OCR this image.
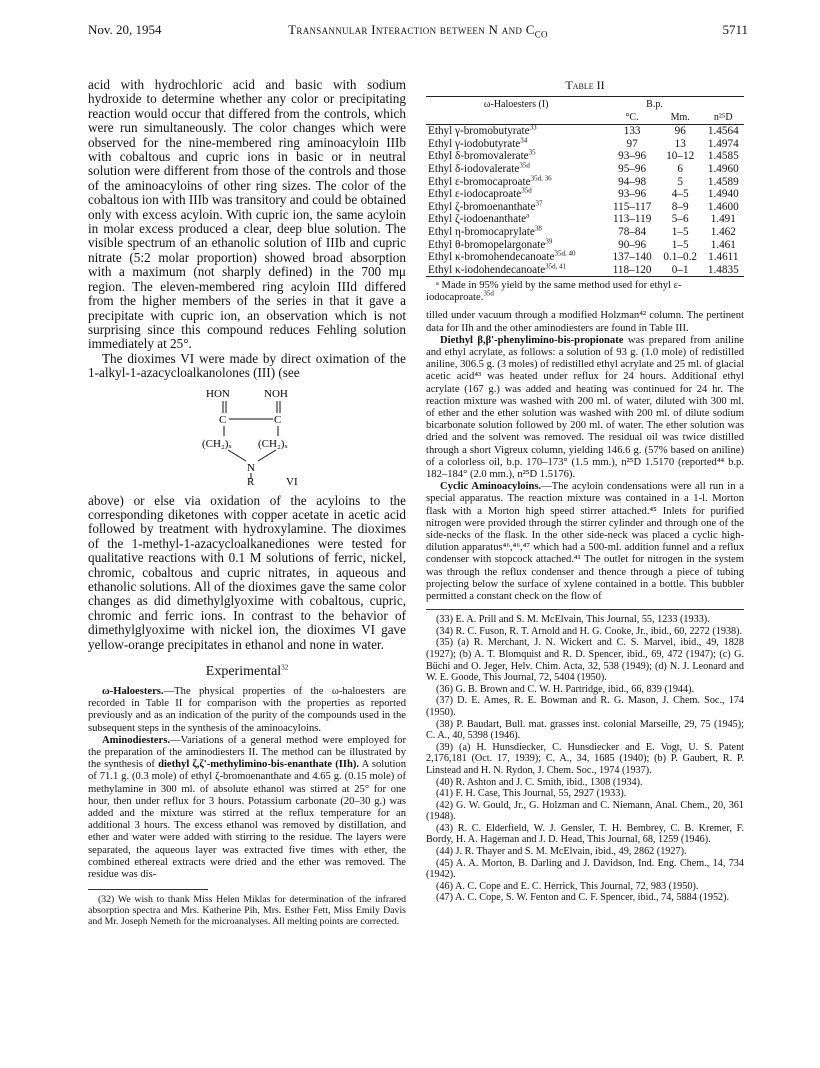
Nov. 20, 1954	Transannular Interaction between N and $C_{CO}$	5711

acid with hydrochloric acid and basic with sodium hydroxide to determine whether any color or precipitating reaction would occur that differed from the controls, which were run simultaneously. The color changes which were observed for the nine-membered ring aminoacyloin IIIb with cobaltous and cupric ions in basic or in neutral solution were different from those of the controls and those of the aminoacyloins of other ring sizes. The color of the cobaltous ion with IIIb was transitory and could be obtained only with excess acyloin. With cupric ion, the same acyloin in molar excess produced a clear, deep blue solution. The visible spectrum of an ethanolic solution of IIIb and cupric nitrate (5:2 molar proportion) showed broad absorption with a maximum (not sharply defined) in the 700 mμ region. The eleven-membered ring acyloin IIId differed from the higher members of the series in that it gave a precipitate with cupric ion, an observation which is not surprising since this compound reduces Fehling solution immediately at 25°.

The dioximes VI were made by direct oximation of the 1-alkyl-1-azacycloalkanolones (III) (see

HON	NOH
C	C
(CH₂)ₓ (CH₂)ₓ
N
R	VI

above) or else via oxidation of the acyloins to the corresponding diketones with copper acetate in acetic acid followed by treatment with hydroxylamine. The dioximes of the 1-methyl-1-azacycloalkanediones were tested for qualitative reactions with 0.1 M solutions of ferric, nickel, chromic, cobaltous and cupric nitrates, in aqueous and ethanolic solutions. All of the dioximes gave the same color changes as did dimethylglyoxime with cobaltous, cupric, chromic and ferric ions. In contrast to the behavior of dimethylglyoxime with nickel ion, the dioximes VI gave yellow-orange precipitates in ethanol and none in water.

Experimental$^{32}$

ω-Haloesters.—The physical properties of the ω-haloesters are recorded in Table II for comparison with the properties as reported previously and as an indication of the purity of the compounds used in the subsequent steps in the synthesis of the aminoacyloins.

Aminodiesters.—Variations of a general method were employed for the preparation of the aminodiesters II. The method can be illustrated by the synthesis of diethyl ζ,ζ'-methylimino-bis-enanthate (IIh). A solution of 71.1 g. (0.3 mole) of ethyl ζ-bromoenanthate and 4.65 g. (0.15 mole) of methylamine in 300 ml. of absolute ethanol was stirred at 25° for one hour, then under reflux for 3 hours. Potassium carbonate (20–30 g.) was added and the mixture was stirred at the reflux temperature for an additional 3 hours. The excess ethanol was removed by distillation, and ether and water were added with stirring to the residue. The layers were separated, the aqueous layer was extracted five times with ether, the combined ethereal extracts were dried and the ether was removed. The residue was dis-

(32) We wish to thank Miss Helen Miklas for determination of the infrared absorption spectra and Mrs. Katherine Pih, Mrs. Esther Fett, Miss Emily Davis and Mr. Joseph Nemeth for the microanalyses. All melting points are corrected.

Table II
ω-Haloesters (I)	B.p.		
	°C.	Mm.	n²⁵D
Ethyl γ-bromobutyrate$^{33}$	133	96	1.4564
Ethyl γ-iodobutyrate$^{34}$	97	13	1.4974
Ethyl δ-bromovalerate$^{35}$	93–96	10–12	1.4585
Ethyl δ-iodovalerate$^{35d}$	95–96	6	1.4960
Ethyl ε-bromocaproate$^{35d, 36}$	94–98	5	1.4589
Ethyl ε-iodocaproate$^{35d}$	93–96	4–5	1.4940
Ethyl ζ-bromoenanthate$^{37}$	115–117	8–9	1.4600
Ethyl ζ-iodoenanthate$^a$	113–119	5–6	1.491
Ethyl η-bromocaprylate$^{38}$	78–84	1–5	1.462
Ethyl θ-bromopelargonate$^{39}$	90–96	1–5	1.461
Ethyl κ-bromohendecanoate$^{35d, 40}$	137–140	0.1–0.2	1.4611
Ethyl κ-iodohendecanoate$^{35d, 41}$	118–120	0–1	1.4835

ᵃ Made in 95% yield by the same method used for ethyl ε-iodocaproate.$^{35d}$

tilled under vacuum through a modified Holzman⁴² column. The pertinent data for IIh and the other aminodiesters are found in Table III.

Diethyl β,β'-phenylimino-bis-propionate was prepared from aniline and ethyl acrylate, as follows: a solution of 93 g. (1.0 mole) of redistilled aniline, 306.5 g. (3 moles) of redistilled ethyl acrylate and 25 ml. of glacial acetic acid⁴³ was heated under reflux for 24 hours. Additional ethyl acrylate (167 g.) was added and heating was continued for 24 hr. The reaction mixture was washed with 200 ml. of water, diluted with 300 ml. of ether and the ether solution was washed with 200 ml. of dilute sodium bicarbonate solution followed by 200 ml. of water. The ether solution was dried and the solvent was removed. The residual oil was twice distilled through a short Vigreux column, yielding 146.6 g. (57% based on aniline) of a colorless oil, b.p. 170–173° (1.5 mm.), n²⁵D 1.5170 (reported⁴⁴ b.p. 182–184° (2.0 mm.), n²⁵D 1.5176).

Cyclic Aminoacyloins.—The acyloin condensations were all run in a special apparatus. The reaction mixture was contained in a 1-l. Morton flask with a Morton high speed stirrer attached.⁴⁵ Inlets for purified nitrogen were provided through the stirrer cylinder and through one of the side-necks of the flask. In the other side-neck was placed a cyclic high-dilution apparatus⁴⁶,⁴⁶,⁴⁷ which had a 500-ml. addition funnel and a reflux condenser with stopcock attached.⁴¹ The outlet for nitrogen in the system was through the reflux condenser and thence through a piece of tubing projecting below the surface of xylene contained in a bottle. This bubbler permitted a constant check on the flow of

(33) E. A. Prill and S. M. McElvain, This Journal, 55, 1233 (1933).

(34) R. C. Fuson, R. T. Arnold and H. G. Cooke, Jr., ibid., 60, 2272 (1938).

(35) (a) R. Merchant, J. N. Wickert and C. S. Marvel, ibid., 49, 1828 (1927); (b) A. T. Blomquist and R. D. Spencer, ibid., 69, 472 (1947); (c) G. Büchi and O. Jeger, Helv. Chim. Acta, 32, 538 (1949); (d) N. J. Leonard and W. E. Goode, This Journal, 72, 5404 (1950).

(36) G. B. Brown and C. W. H. Partridge, ibid., 66, 839 (1944).

(37) D. E. Ames, R. E. Bowman and R. G. Mason, J. Chem. Soc., 174 (1950).

(38) P. Baudart, Bull. mat. grasses inst. colonial Marseille, 29, 75 (1945); C. A., 40, 5398 (1946).

(39) (a) H. Hunsdiecker, C. Hunsdiecker and E. Vogt, U. S. Patent 2,176,181 (Oct. 17, 1939); C. A., 34, 1685 (1940); (b) P. Gaubert, R. P. Linstead and H. N. Rydon, J. Chem. Soc., 1974 (1937).

(40) R. Ashton and J. C. Smith, ibid., 1308 (1934).

(41) F. H. Case, This Journal, 55, 2927 (1933).

(42) G. W. Gould, Jr., G. Holzman and C. Niemann, Anal. Chem., 20, 361 (1948).

(43) R. C. Elderfield, W. J. Gensler, T. H. Bembrey, C. B. Kremer, F. Bordy, H. A. Hageman and J. D. Head, This Journal, 68, 1259 (1946).

(44) J. R. Thayer and S. M. McElvain, ibid., 49, 2862 (1927).

(45) A. A. Morton, B. Darling and J. Davidson, Ind. Eng. Chem., 14, 734 (1942).

(46) A. C. Cope and E. C. Herrick, This Journal, 72, 983 (1950).

(47) A. C. Cope, S. W. Fenton and C. F. Spencer, ibid., 74, 5884 (1952).
